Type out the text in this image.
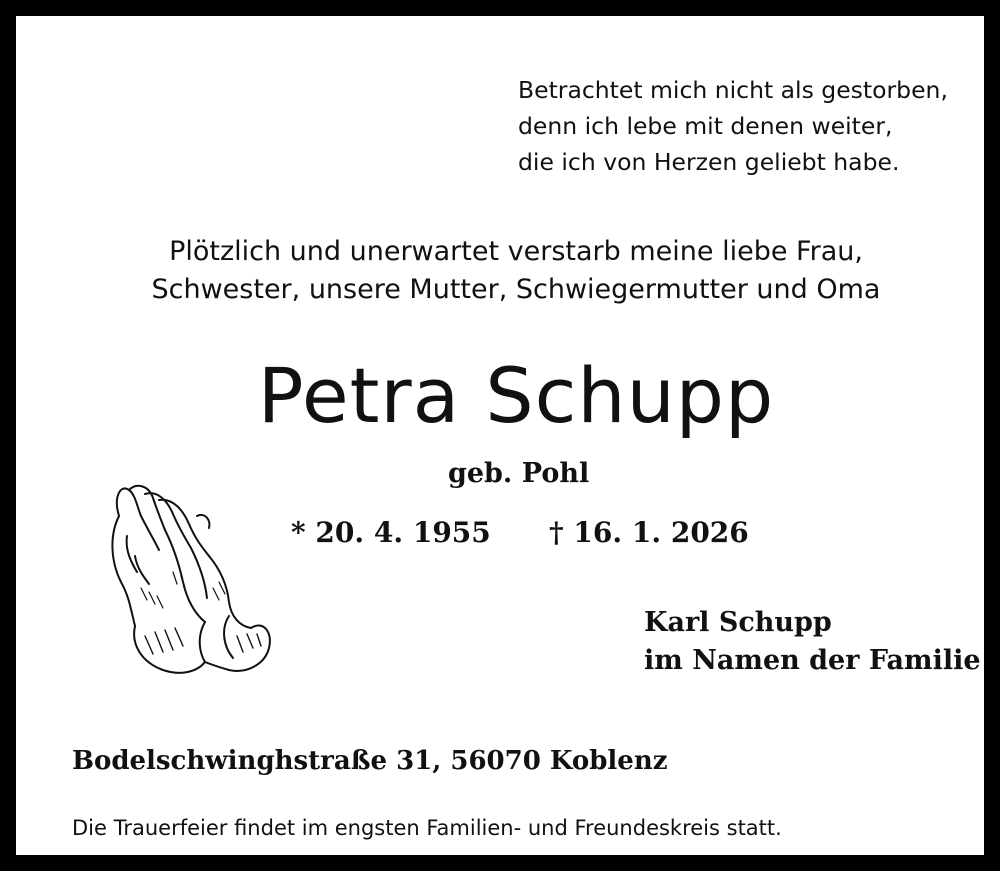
Betrachtet mich nicht als gestorben,
denn ich lebe mit denen weiter,
die ich von Herzen geliebt habe.
Plötzlich und unerwartet verstarb meine liebe Frau,
Schwester, unsere Mutter, Schwiegermutter und Oma
Petra Schupp
geb. Pohl
* 20. 4. 1955 † 16. 1. 2026
Karl Schupp
im Namen der Familie
Bodelschwinghstraße 31, 56070 Koblenz
Die Trauerfeier findet im engsten Familien- und Freundeskreis statt.
